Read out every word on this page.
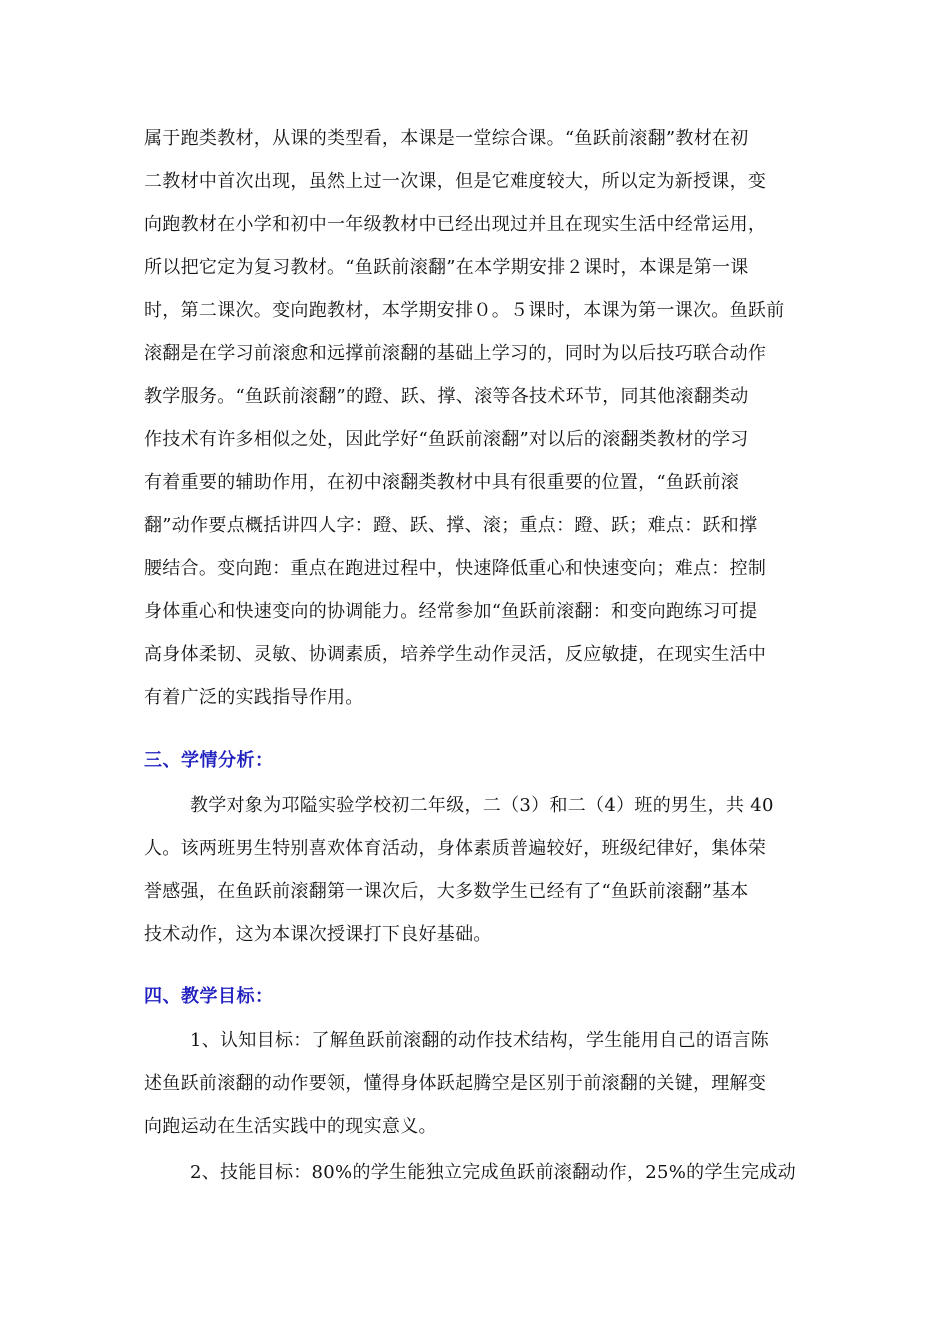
属于跑类教材，从课的类型看，本课是一堂综合课。“鱼跃前滚翻”教材在初
二教材中首次出现，虽然上过一次课，但是它难度较大，所以定为新授课，变
向跑教材在小学和初中一年级教材中已经出现过并且在现实生活中经常运用，
所以把它定为复习教材。“鱼跃前滚翻”在本学期安排２课时，本课是第一课
时，第二课次。变向跑教材，本学期安排０。５课时，本课为第一课次。鱼跃前
滚翻是在学习前滚愈和远撑前滚翻的基础上学习的，同时为以后技巧联合动作
教学服务。“鱼跃前滚翻”的蹬、跃、撑、滚等各技术环节，同其他滚翻类动
作技术有许多相似之处，因此学好“鱼跃前滚翻”对以后的滚翻类教材的学习
有着重要的辅助作用，在初中滚翻类教材中具有很重要的位置，“鱼跃前滚
翻”动作要点概括讲四人字：蹬、跃、撑、滚；重点：蹬、跃；难点：跃和撑
腰结合。变向跑：重点在跑进过程中，快速降低重心和快速变向；难点：控制
身体重心和快速变向的协调能力。经常参加“鱼跃前滚翻：和变向跑练习可提
高身体柔韧、灵敏、协调素质，培养学生动作灵活，反应敏捷，在现实生活中
有着广泛的实践指导作用。
三、学情分析：
教学对象为邛隘实验学校初二年级，二（3）和二（4）班的男生，共 40
人。该两班男生特别喜欢体育活动，身体素质普遍较好，班级纪律好，集体荣
誉感强，在鱼跃前滚翻第一课次后，大多数学生已经有了“鱼跃前滚翻”基本
技术动作，这为本课次授课打下良好基础。
四、教学目标：
1、认知目标：了解鱼跃前滚翻的动作技术结构，学生能用自己的语言陈
述鱼跃前滚翻的动作要领，懂得身体跃起腾空是区别于前滚翻的关键，理解变
向跑运动在生活实践中的现实意义。
2、技能目标：80%的学生能独立完成鱼跃前滚翻动作，25%的学生完成动
